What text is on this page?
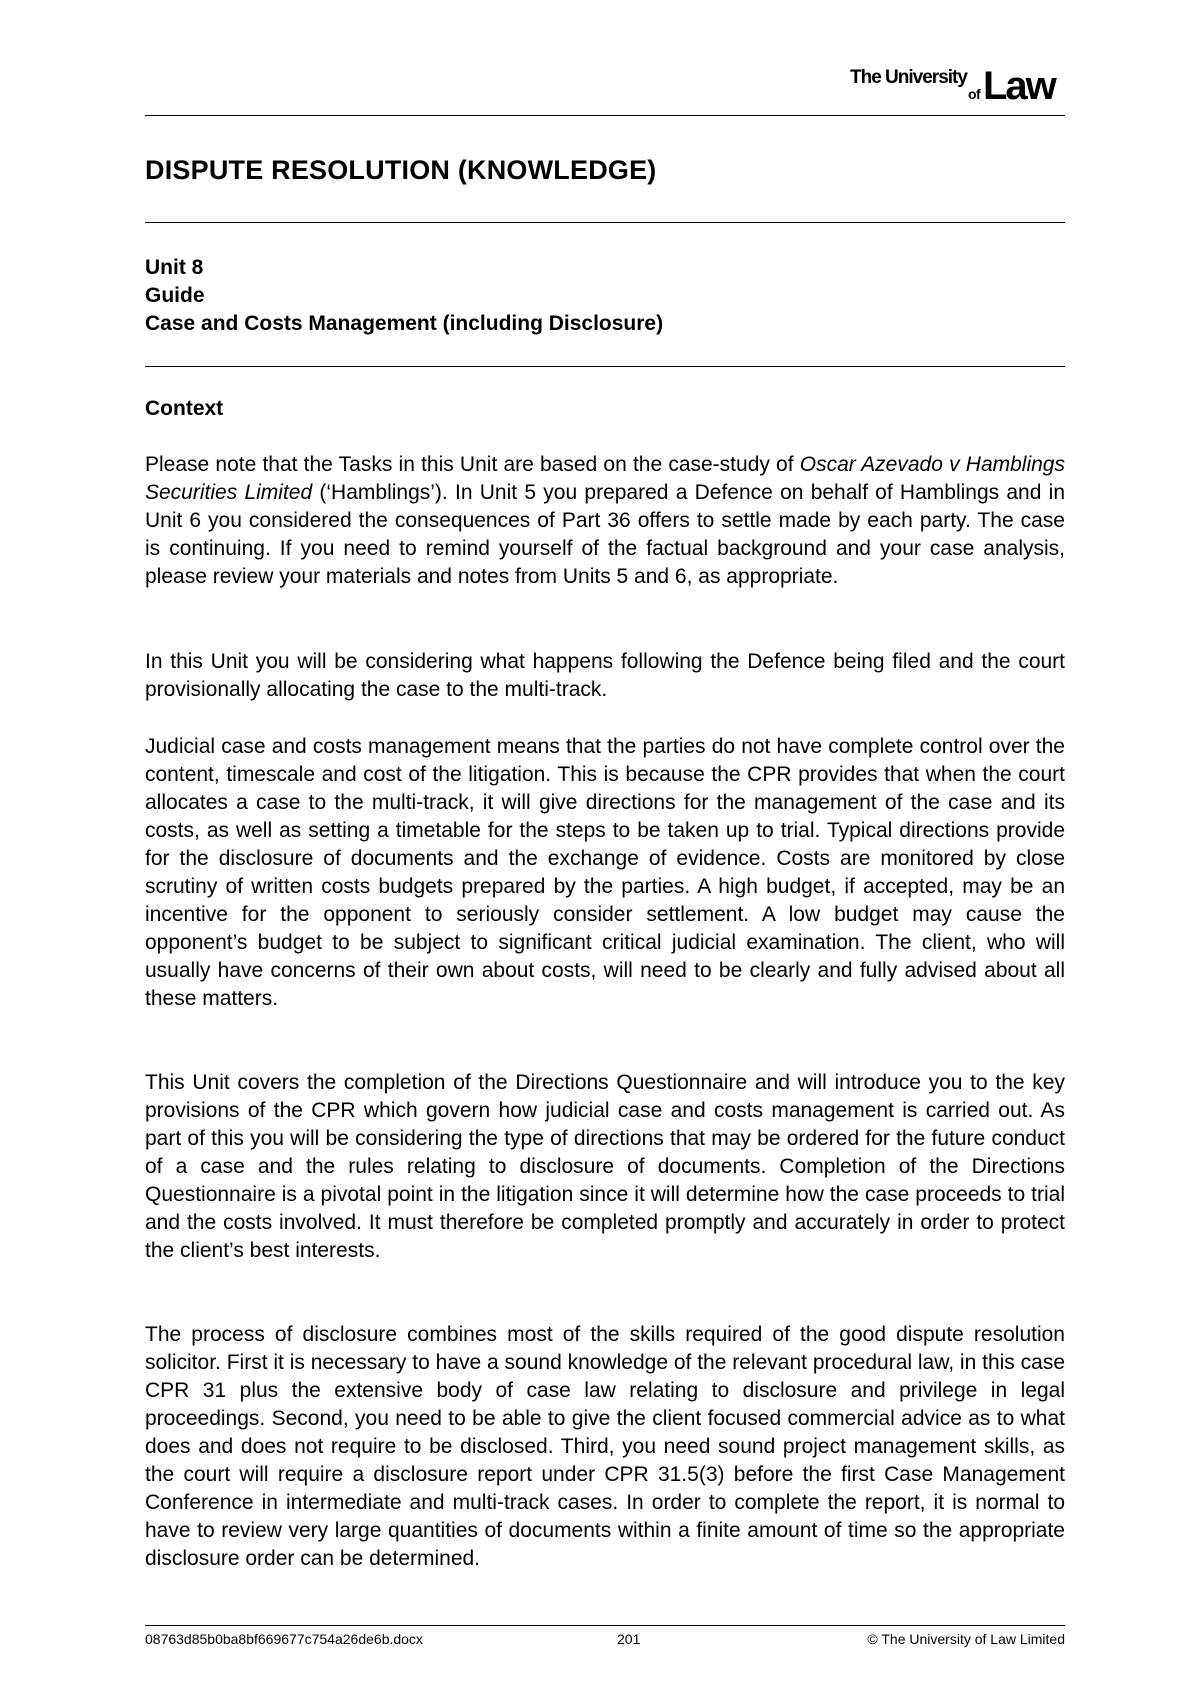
The University
of Law
DISPUTE RESOLUTION (KNOWLEDGE)
Unit 8
Guide
Case and Costs Management (including Disclosure)
Context
Please note that the Tasks in this Unit are based on the case-study of Oscar Azevado v Hamblings Securities Limited (‘Hamblings’). In Unit 5 you prepared a Defence on behalf of Hamblings and in Unit 6 you considered the consequences of Part 36 offers to settle made by each party. The case is continuing. If you need to remind yourself of the factual background and your case analysis, please review your materials and notes from Units 5 and 6, as appropriate.
In this Unit you will be considering what happens following the Defence being filed and the court provisionally allocating the case to the multi-track.
Judicial case and costs management means that the parties do not have complete control over the content, timescale and cost of the litigation. This is because the CPR provides that when the court allocates a case to the multi-track, it will give directions for the management of the case and its costs, as well as setting a timetable for the steps to be taken up to trial. Typical directions provide for the disclosure of documents and the exchange of evidence. Costs are monitored by close scrutiny of written costs budgets prepared by the parties. A high budget, if accepted, may be an incentive for the opponent to seriously consider settlement. A low budget may cause the opponent’s budget to be subject to significant critical judicial examination. The client, who will usually have concerns of their own about costs, will need to be clearly and fully advised about all these matters.
This Unit covers the completion of the Directions Questionnaire and will introduce you to the key provisions of the CPR which govern how judicial case and costs management is carried out. As part of this you will be considering the type of directions that may be ordered for the future conduct of a case and the rules relating to disclosure of documents. Completion of the Directions Questionnaire is a pivotal point in the litigation since it will determine how the case proceeds to trial and the costs involved. It must therefore be completed promptly and accurately in order to protect the client’s best interests.
The process of disclosure combines most of the skills required of the good dispute resolution solicitor. First it is necessary to have a sound knowledge of the relevant procedural law, in this case CPR 31 plus the extensive body of case law relating to disclosure and privilege in legal proceedings. Second, you need to be able to give the client focused commercial advice as to what does and does not require to be disclosed. Third, you need sound project management skills, as the court will require a disclosure report under CPR 31.5(3) before the first Case Management Conference in intermediate and multi-track cases. In order to complete the report, it is normal to have to review very large quantities of documents within a finite amount of time so the appropriate disclosure order can be determined.
08763d85b0ba8bf669677c754a26de6b.docx	201	© The University of Law Limited
